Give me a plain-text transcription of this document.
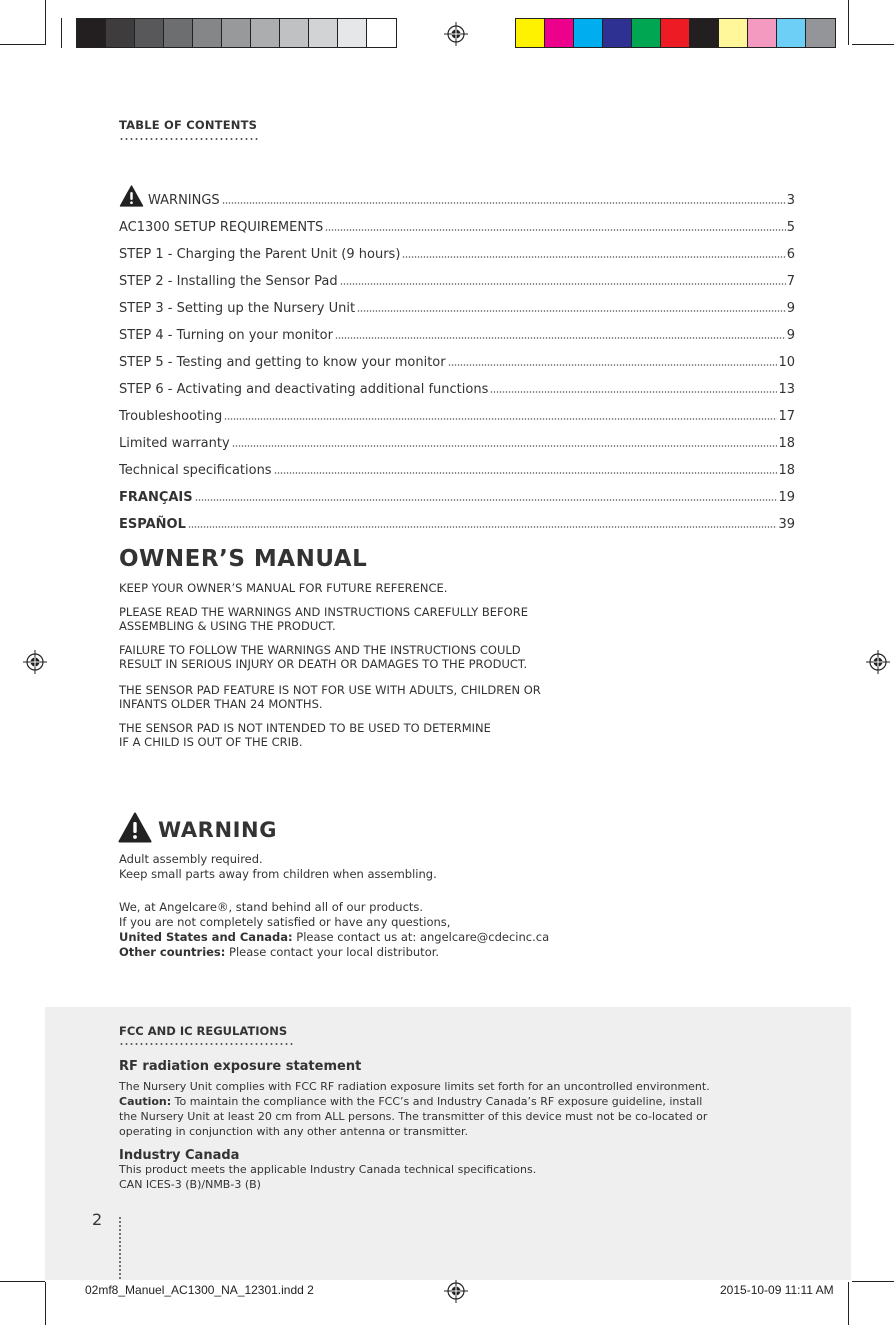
TABLE OF CONTENTS
WARNINGS	3
AC1300 SETUP REQUIREMENTS	5
STEP 1 - Charging the Parent Unit (9 hours)	6
STEP 2 - Installing the Sensor Pad	7
STEP 3 - Setting up the Nursery Unit	9
STEP 4 - Turning on your monitor	9
STEP 5 - Testing and getting to know your monitor	10
STEP 6 - Activating and deactivating additional functions	13
Troubleshooting	17
Limited warranty	18
Technical specifications	18
FRANÇAIS	19
ESPAÑOL	39
OWNER’S MANUAL
KEEP YOUR OWNER’S MANUAL FOR FUTURE REFERENCE.
PLEASE READ THE WARNINGS AND INSTRUCTIONS CAREFULLY BEFORE
ASSEMBLING & USING THE PRODUCT.
FAILURE TO FOLLOW THE WARNINGS AND THE INSTRUCTIONS COULD
RESULT IN SERIOUS INJURY OR DEATH OR DAMAGES TO THE PRODUCT.
THE SENSOR PAD FEATURE IS NOT FOR USE WITH ADULTS, CHILDREN OR
INFANTS OLDER THAN 24 MONTHS.
THE SENSOR PAD IS NOT INTENDED TO BE USED TO DETERMINE
IF A CHILD IS OUT OF THE CRIB.
WARNING
Adult assembly required.
Keep small parts away from children when assembling.
We, at Angelcare®, stand behind all of our products.
If you are not completely satisfied or have any questions,
United States and Canada: Please contact us at: angelcare@cdecinc.ca
Other countries: Please contact your local distributor.
FCC AND IC REGULATIONS
RF radiation exposure statement
The Nursery Unit complies with FCC RF radiation exposure limits set forth for an uncontrolled environment.
Caution: To maintain the compliance with the FCC’s and Industry Canada’s RF exposure guideline, install
the Nursery Unit at least 20 cm from ALL persons. The transmitter of this device must not be co-located or
operating in conjunction with any other antenna or transmitter.
Industry Canada
This product meets the applicable Industry Canada technical specifications.
CAN ICES-3 (B)/NMB-3 (B)
2
02mf8_Manuel_AC1300_NA_12301.indd 2	2015-10-09 11:11 AM
